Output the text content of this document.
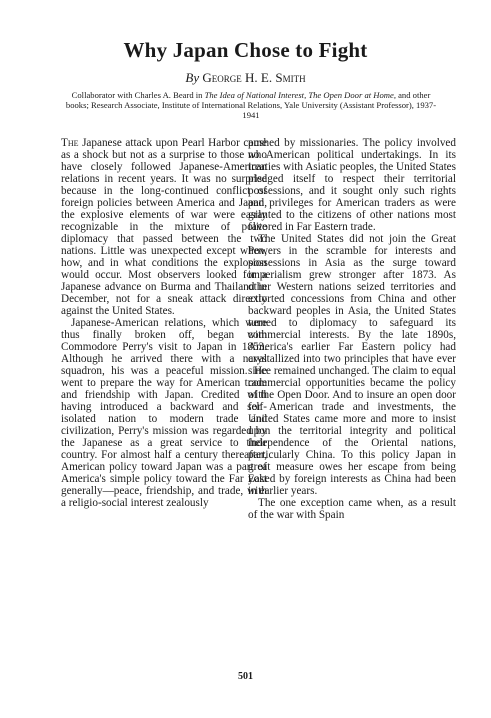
Why Japan Chose to Fight
By George H. E. Smith
Collaborator with Charles A. Beard in The Idea of National Interest, The Open Door at Home, and other books; Research Associate, Institute of International Relations, Yale University (Assistant Professor), 1937-1941

The Japanese attack upon Pearl Harbor came as a shock but not as a surprise to those who have closely followed Japanese-American relations in recent years. It was no surprise because in the long-continued conflict of foreign policies between America and Japan, the explosive elements of war were easily recognizable in the mixture of polite diplomacy that passed between the two nations. Little was unexpected except when, how, and in what conditions the explosion would occur. Most observers looked for a Japanese advance on Burma and Thailand in December, not for a sneak attack directly against the United States.

Japanese-American relations, which were thus finally broken off, began with Commodore Perry's visit to Japan in 1853. Although he arrived there with a naval squadron, his was a peaceful mission. He went to prepare the way for American trade and friendship with Japan. Credited with having introduced a backward and self-isolated nation to modern trade and civilization, Perry's mission was regarded by the Japanese as a great service to their country. For almost half a century thereafter, American policy toward Japan was a part of America's simple policy toward the Far East generally—peace, friendship, and trade, with a religio-social interest zealously

pushed by missionaries. The policy involved no American political undertakings. In its treaties with Asiatic peoples, the United States pledged itself to respect their territorial possessions, and it sought only such rights and privileges for American traders as were granted to the citizens of other nations most favored in Far Eastern trade.

The United States did not join the Great Powers in the scramble for interests and possessions in Asia as the surge toward imperialism grew stronger after 1873. As other Western nations seized territories and extorted concessions from China and other backward peoples in Asia, the United States turned to diplomacy to safeguard its commercial interests. By the late 1890s, America's earlier Far Eastern policy had crystallized into two principles that have ever since remained unchanged. The claim to equal commercial opportunities became the policy of the Open Door. And to insure an open door for American trade and investments, the United States came more and more to insist upon the territorial integrity and political independence of the Oriental nations, particularly China. To this policy Japan in great measure owes her escape from being yoked by foreign interests as China had been in earlier years.

The one exception came when, as a result of the war with Spain

501
